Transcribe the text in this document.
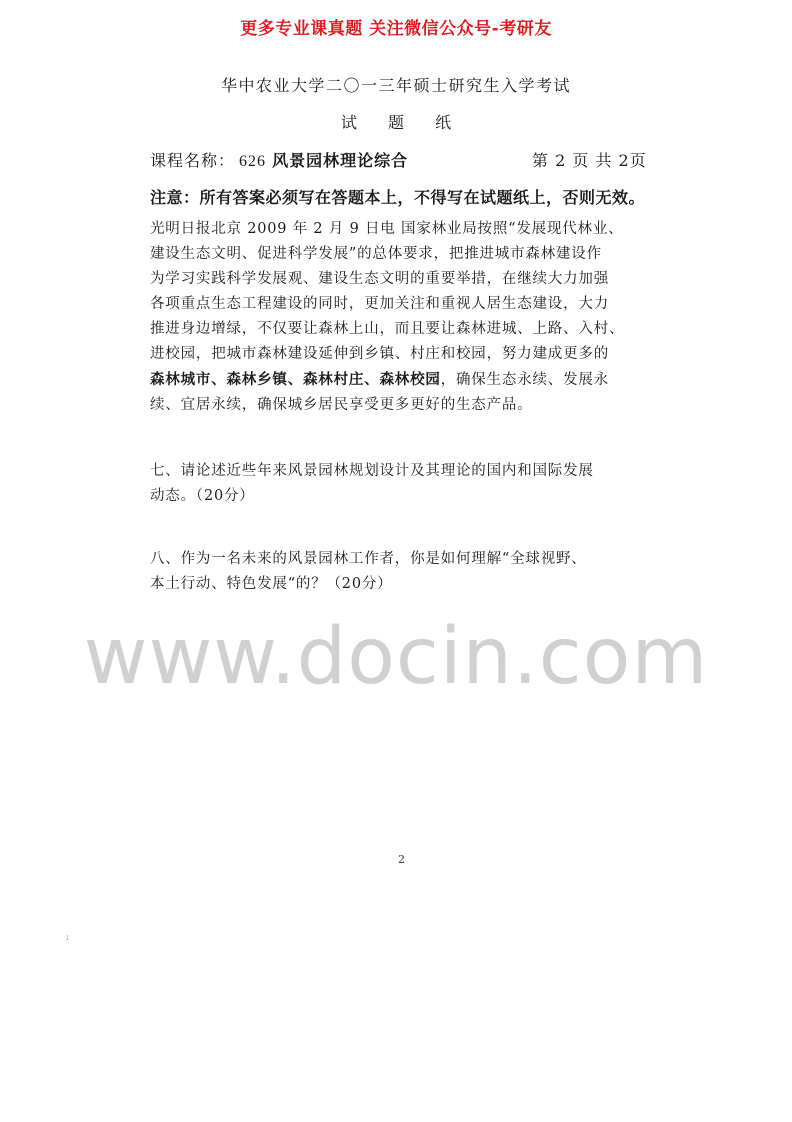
更多专业课真题 关注微信公众号-考研友
华中农业大学二〇一三年硕士研究生入学考试
试 题 纸
课程名称： 626 风景园林理论综合	第 2 页 共 2页
注意：所有答案必须写在答题本上，不得写在试题纸上，否则无效。

光明日报北京 2009 年 2 月 9 日电 国家林业局按照“发展现代林业、

建设生态文明、促进科学发展”的总体要求，把推进城市森林建设作

为学习实践科学发展观、建设生态文明的重要举措，在继续大力加强

各项重点生态工程建设的同时，更加关注和重视人居生态建设，大力

推进身边增绿，不仅要让森林上山，而且要让森林进城、上路、入村、

进校园，把城市森林建设延伸到乡镇、村庄和校园，努力建成更多的

森林城市、森林乡镇、森林村庄、森林校园，确保生态永续、发展永

续、宜居永续，确保城乡居民享受更多更好的生态产品。

七、请论述近些年来风景园林规划设计及其理论的国内和国际发展

动态。（20分）

八、作为一名未来的风景园林工作者，你是如何理解“全球视野、

本土行动、特色发展“的？（20分）

www.docin.com
2
;
